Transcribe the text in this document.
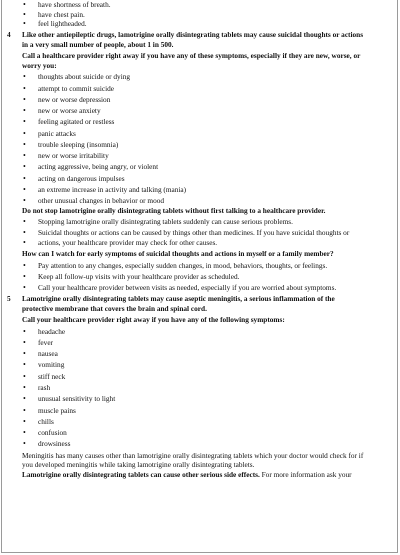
• have shortness of breath.
• have chest pain.
• feel lightheaded.
4 Like other antiepileptic drugs, lamotrigine orally disintegrating tablets may cause suicidal thoughts or actions
in a very small number of people, about 1 in 500.
Call a healthcare provider right away if you have any of these symptoms, especially if they are new, worse, or
worry you:
• thoughts about suicide or dying
• attempt to commit suicide
• new or worse depression
• new or worse anxiety
• feeling agitated or restless
• panic attacks
• trouble sleeping (insomnia)
• new or worse irritability
• acting aggressive, being angry, or violent
• acting on dangerous impulses
• an extreme increase in activity and talking (mania)
• other unusual changes in behavior or mood
Do not stop lamotrigine orally disintegrating tablets without first talking to a healthcare provider.
• Stopping lamotrigine orally disintegrating tablets suddenly can cause serious problems.
• Suicidal thoughts or actions can be caused by things other than medicines. If you have suicidal thoughts or
• actions, your healthcare provider may check for other causes.
How can I watch for early symptoms of suicidal thoughts and actions in myself or a family member?
• Pay attention to any changes, especially sudden changes, in mood, behaviors, thoughts, or feelings.
• Keep all follow-up visits with your healthcare provider as scheduled.
• Call your healthcare provider between visits as needed, especially if you are worried about symptoms.
5 Lamotrigine orally disintegrating tablets may cause aseptic meningitis, a serious inflammation of the
protective membrane that covers the brain and spinal cord.
Call your healthcare provider right away if you have any of the following symptoms:
• headache
• fever
• nausea
• vomiting
• stiff neck
• rash
• unusual sensitivity to light
• muscle pains
• chills
• confusion
• drowsiness
Meningitis has many causes other than lamotrigine orally disintegrating tablets which your doctor would check for if
you developed meningitis while taking lamotrigine orally disintegrating tablets.
Lamotrigine orally disintegrating tablets can cause other serious side effects. For more information ask your
